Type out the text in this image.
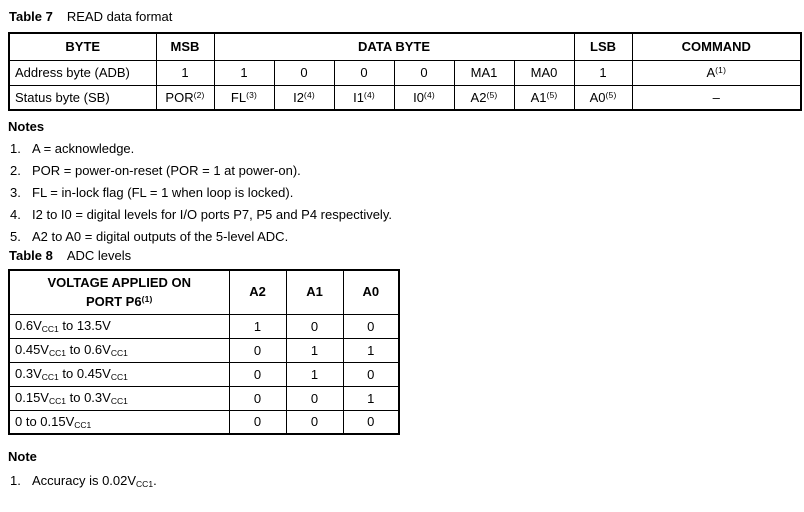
Table 7 READ data format

BYTE	MSB	DATA BYTE						LSB	COMMAND
Address byte (ADB)	1	1	0	0	0	MA1	MA0	1	$A^{(1)}$
Status byte (SB)	POR$^{(2)}$	FL$^{(3)}$	I2$^{(4)}$	I1$^{(4)}$	I0$^{(4)}$	A2$^{(5)}$	A1$^{(5)}$	A0$^{(5)}$	–

Notes

1. A = acknowledge.
2. POR = power-on-reset (POR = 1 at power-on).
3. FL = in-lock flag (FL = 1 when loop is locked).
4. I2 to I0 = digital levels for I/O ports P7, P5 and P4 respectively.
5. A2 to A0 = digital outputs of the 5-level ADC.

Table 8 ADC levels

VOLTAGE APPLIED ON
PORT P6$^{(1)}$	A2	A1	A0
$0.6V_{CC1}$ to 13.5V	1	0	0
$0.45V_{CC1}$ to $0.6V_{CC1}$	0	1	1
$0.3V_{CC1}$ to $0.45V_{CC1}$	0	1	0
$0.15V_{CC1}$ to $0.3V_{CC1}$	0	0	1
0 to $0.15V_{CC1}$	0	0	0

Note

1. Accuracy is $0.02V_{CC1}$.
